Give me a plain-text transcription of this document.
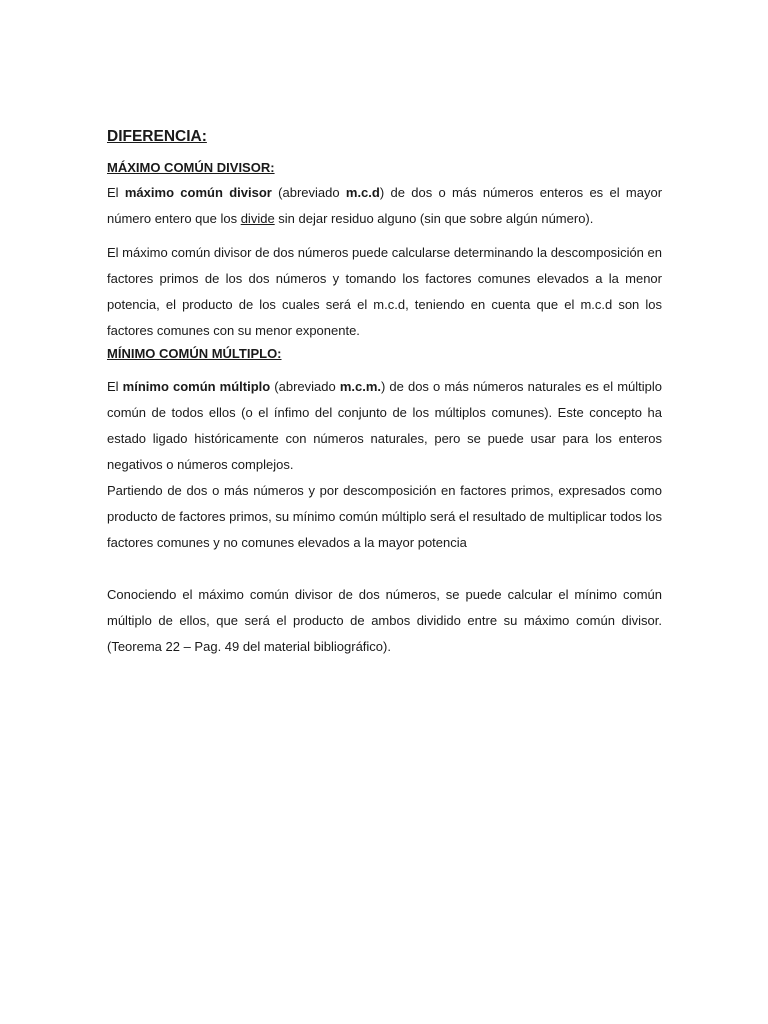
DIFERENCIA:
MÁXIMO COMÚN DIVISOR:

El máximo común divisor (abreviado m.c.d) de dos o más números enteros es el mayor número entero que los divide sin dejar residuo alguno (sin que sobre algún número).

El máximo común divisor de dos números puede calcularse determinando la descomposición en factores primos de los dos números y tomando los factores comunes elevados a la menor potencia, el producto de los cuales será el m.c.d, teniendo en cuenta que el m.c.d son los factores comunes con su menor exponente.

MÍNIMO COMÚN MÚLTIPLO:

El mínimo común múltiplo (abreviado m.c.m.) de dos o más números naturales es el múltiplo común de todos ellos (o el ínfimo del conjunto de los múltiplos comunes). Este concepto ha estado ligado históricamente con números naturales, pero se puede usar para los enteros negativos o números complejos.

Partiendo de dos o más números y por descomposición en factores primos, expresados como producto de factores primos, su mínimo común múltiplo será el resultado de multiplicar todos los factores comunes y no comunes elevados a la mayor potencia

Conociendo el máximo común divisor de dos números, se puede calcular el mínimo común múltiplo de ellos, que será el producto de ambos dividido entre su máximo común divisor. (Teorema 22 – Pag. 49 del material bibliográfico).
